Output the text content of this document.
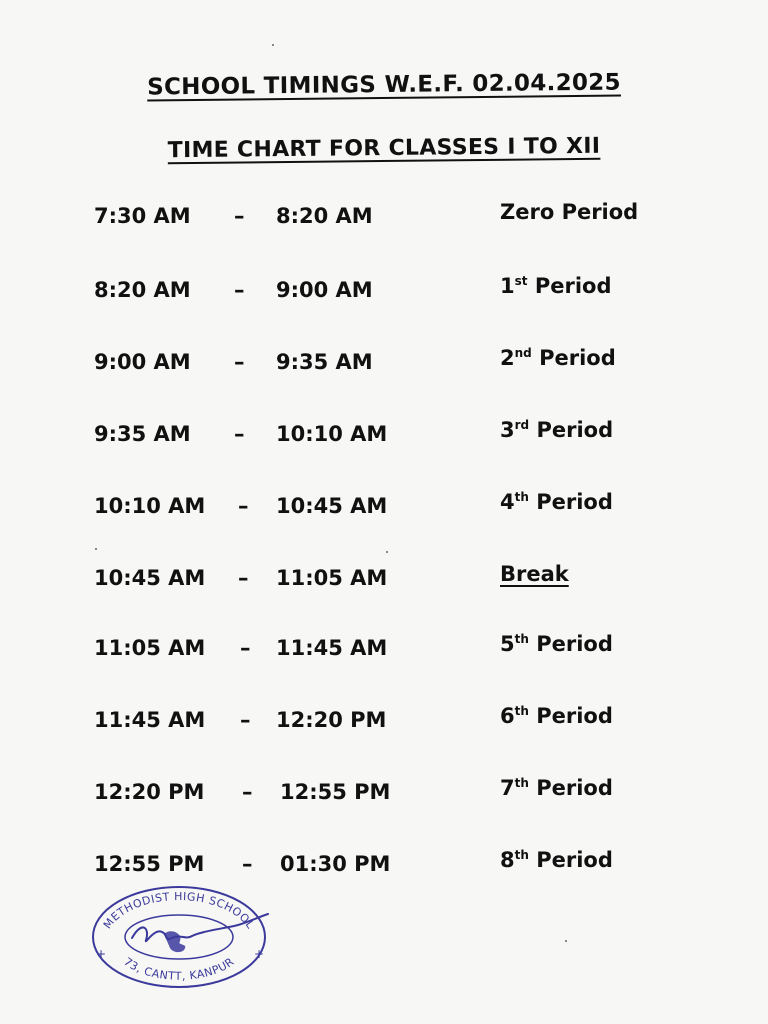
SCHOOL TIMINGS W.E.F. 02.04.2025
TIME CHART FOR CLASSES I TO XII
7:30 AM – 8:20 AM	Zero Period
8:20 AM – 9:00 AM	1st Period
9:00 AM – 9:35 AM	2nd Period
9:35 AM – 10:10 AM	3rd Period
10:10 AM – 10:45 AM	4th Period
10:45 AM – 11:05 AM	Break
11:05 AM – 11:45 AM	5th Period
11:45 AM – 12:20 PM	6th Period
12:20 PM – 12:55 PM	7th Period
12:55 PM – 01:30 PM	8th Period
METHODIST HIGH SCHOOL
73, CANTT, KANPUR
+	+
